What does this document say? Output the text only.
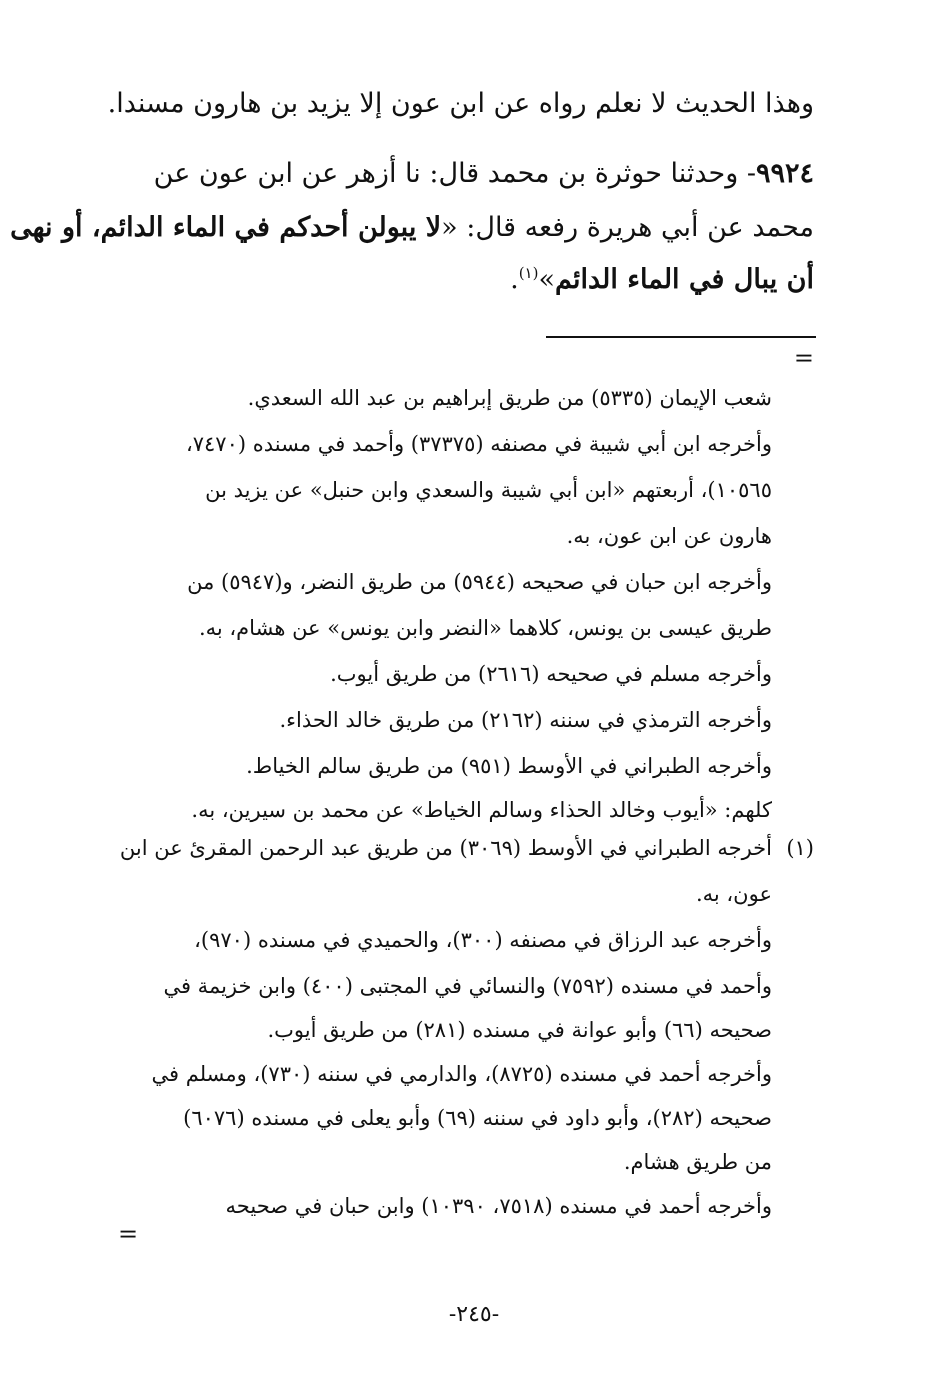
وهذا الحديث لا نعلم رواه عن ابن عون إلا يزيد بن هارون مسندا.
٩٩٢٤- وحدثنا حوثرة بن محمد قال: نا أزهر عن ابن عون عن
محمد عن أبي هريرة رفعه قال: «لا يبولن أحدكم في الماء الدائم، أو نهى
أن يبال في الماء الدائم»$^{(١)}$.
=
شعب الإيمان (٥٣٣٥) من طريق إبراهيم بن عبد الله السعدي.
وأخرجه ابن أبي شيبة في مصنفه (٣٧٣٧٥) وأحمد في مسنده (٧٤٧٠،
١٠٥٦٥)، أربعتهم «ابن أبي شيبة والسعدي وابن حنبل» عن يزيد بن
هارون عن ابن عون، به.
وأخرجه ابن حبان في صحيحه (٥٩٤٤) من طريق النضر، و(٥٩٤٧) من
طريق عيسى بن يونس، كلاهما «النضر وابن يونس» عن هشام، به.
وأخرجه مسلم في صحيحه (٢٦١٦) من طريق أيوب.
وأخرجه الترمذي في سننه (٢١٦٢) من طريق خالد الحذاء.
وأخرجه الطبراني في الأوسط (٩٥١) من طريق سالم الخياط.
كلهم: «أيوب وخالد الحذاء وسالم الخياط» عن محمد بن سيرين، به.
(١)
أخرجه الطبراني في الأوسط (٣٠٦٩) من طريق عبد الرحمن المقرئ عن ابن
عون، به.
وأخرجه عبد الرزاق في مصنفه (٣٠٠)، والحميدي في مسنده (٩٧٠)،
وأحمد في مسنده (٧٥٩٢) والنسائي في المجتبى (٤٠٠) وابن خزيمة في
صحيحه (٦٦) وأبو عوانة في مسنده (٢٨١) من طريق أيوب.
وأخرجه أحمد في مسنده (٨٧٢٥)، والدارمي في سننه (٧٣٠)، ومسلم في
صحيحه (٢٨٢)، وأبو داود في سننه (٦٩) وأبو يعلى في مسنده (٦٠٧٦)
من طريق هشام.
وأخرجه أحمد في مسنده (٧٥١٨، ١٠٣٩٠) وابن حبان في صحيحه
=
-٢٤٥-
